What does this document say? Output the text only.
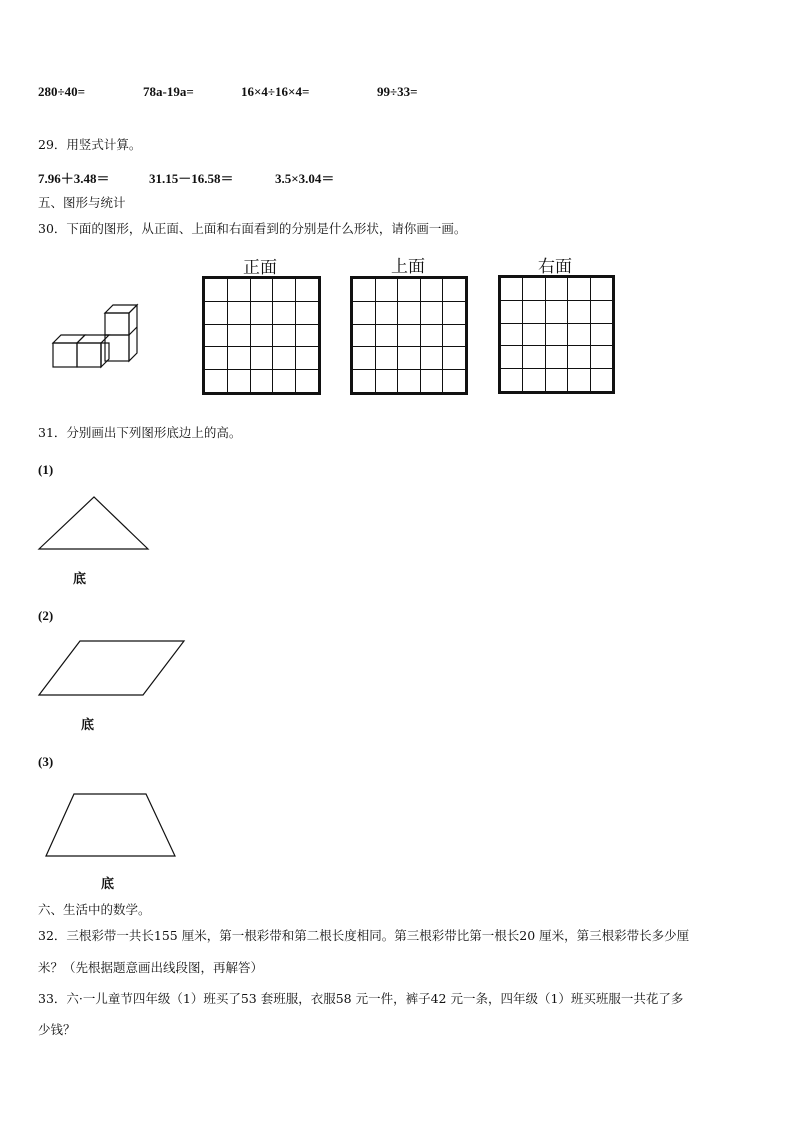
280÷40=	78a-19a=	16×4÷16×4=	99÷33=
29．用竖式计算。
7.96＋3.48＝	31.15－16.58＝	3.5×3.04＝
五、图形与统计
30．下面的图形，从正面、上面和右面看到的分别是什么形状，请你画一画。
正面

					上面

					右面

31．分别画出下列图形底边上的高。
(1)
底
(2)
底
(3)
底
六、生活中的数学。
32．三根彩带一共长155 厘米，第一根彩带和第二根长度相同。第三根彩带比第一根长20 厘米，第三根彩带长多少厘
米？（先根据题意画出线段图，再解答）
33．六·一儿童节四年级（1）班买了53 套班服，衣服58 元一件，裤子42 元一条，四年级（1）班买班服一共花了多
少钱？
